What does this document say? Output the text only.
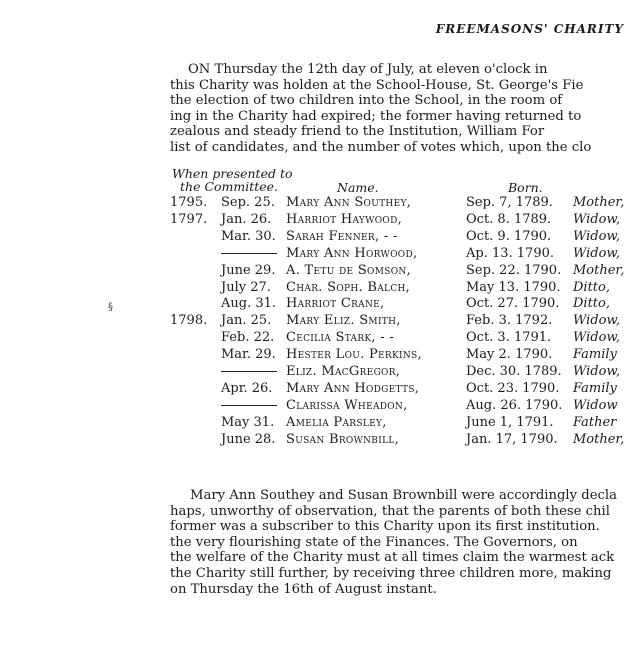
FREEMASONS' CHARITY
ON Thursday the 12th day of July, at eleven o'clock in
this Charity was holden at the School-House, St. George's Fie
the election of two children into the School, in the room of
ing in the Charity had expired; the former having returned to
zealous and steady friend to the Institution, William For
list of candidates, and the number of votes which, upon the clo
When presented to
the Committee.	Name.	Born.
1795. Sep. 25. Mary Ann Southey,	Sep. 7, 1789. Mother,
1797. Jan. 26. Harriot Haywood,	Oct. 8. 1789. Widow,
Mar. 30. Sarah Fenner, - -	Oct. 9. 1790. Widow,
Mary Ann Horwood,	Ap. 13. 1790. Widow,
June 29. A. Tetu de Somson,	Sep. 22. 1790. Mother,
July 27. Char. Soph. Balch,	May 13. 1790. Ditto,
Aug. 31. Harriot Crane,	Oct. 27. 1790. Ditto,
1798. Jan. 25. Mary Eliz. Smith,	Feb. 3. 1792. Widow,
Feb. 22. Cecilia Stark, - -	Oct. 3. 1791. Widow,
Mar. 29. Hester Lou. Perkins,	May 2. 1790. Family
Eliz. MacGregor,	Dec. 30. 1789. Widow,
Apr. 26. Mary Ann Hodgetts,	Oct. 23. 1790. Family
Clarissa Wheadon,	Aug. 26. 1790. Widow
May 31. Amelia Parsley,	June 1, 1791. Father
June 28. Susan Brownbill,	Jan. 17, 1790. Mother,
§
Mary Ann Southey and Susan Brownbill were accordingly decla
haps, unworthy of observation, that the parents of both these chil
former was a subscriber to this Charity upon its first institution.
the very flourishing state of the Finances. The Governors, on
the welfare of the Charity must at all times claim the warmest ack
the Charity still further, by receiving three children more, making
on Thursday the 16th of August instant.
